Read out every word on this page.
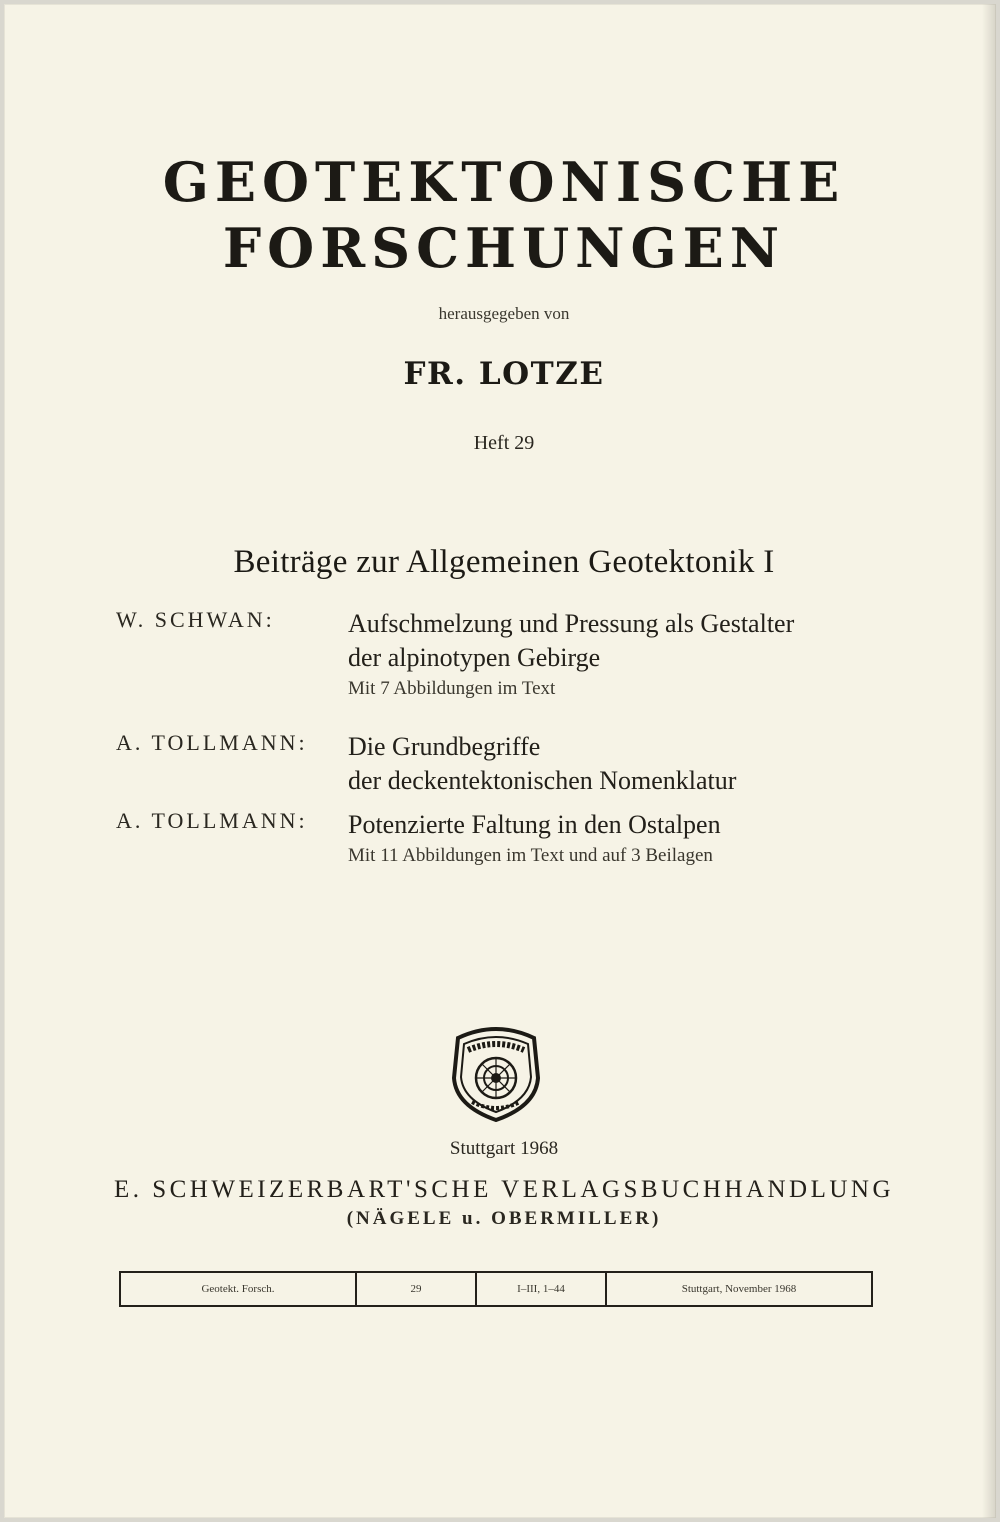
GEOTEKTONISCHE
FORSCHUNGEN
herausgegeben von
FR. LOTZE
Heft 29
Beiträge zur Allgemeinen Geotektonik I
W. SCHWAN:	Aufschmelzung und Pressung als Gestalter
der alpinotypen Gebirge
Mit 7 Abbildungen im Text
A. TOLLMANN: Die Grundbegriffe
der deckentektonischen Nomenklatur
A. TOLLMANN: Potenzierte Faltung in den Ostalpen
Mit 11 Abbildungen im Text und auf 3 Beilagen
Stuttgart 1968
E. SCHWEIZERBART'SCHE VERLAGSBUCHHANDLUNG
(NÄGELE u. OBERMILLER)
Geotekt. Forsch.	29	I–III, 1–44	Stuttgart, November 1968
